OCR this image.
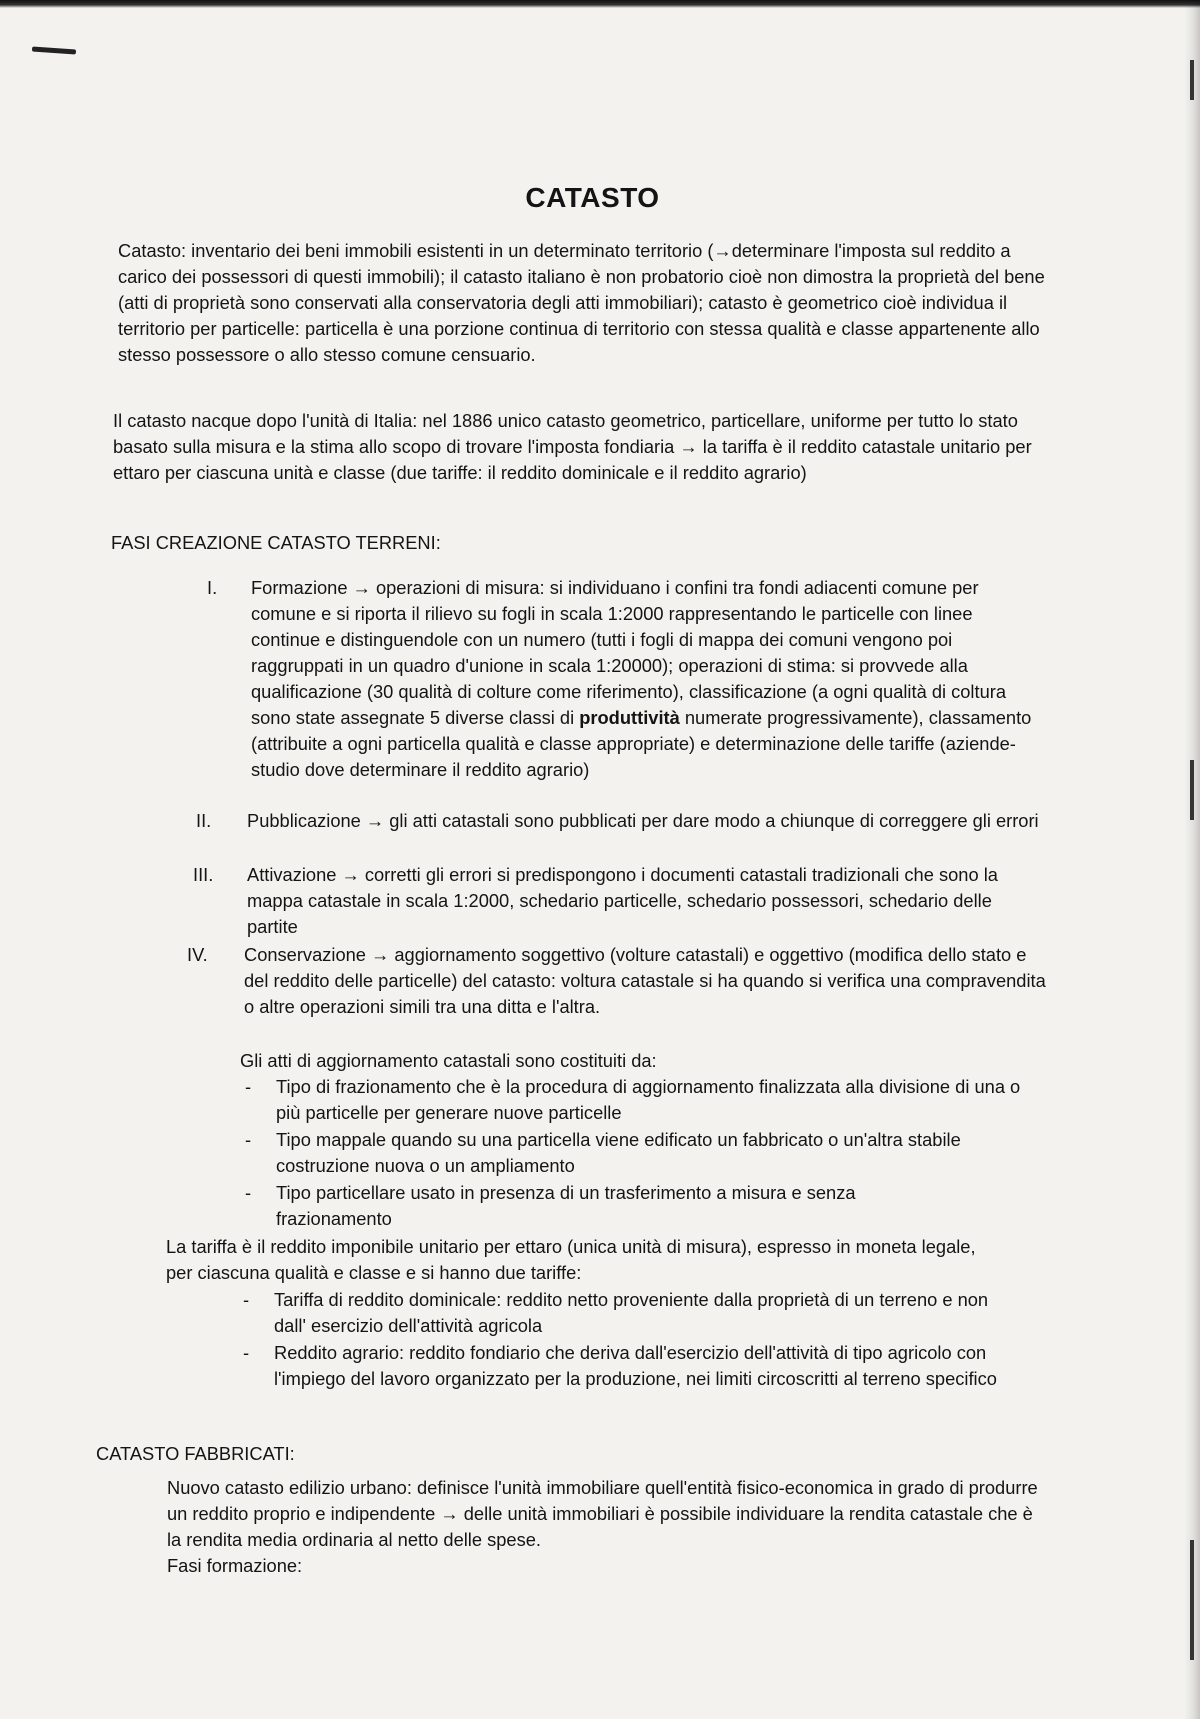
CATASTO

Catasto: inventario dei beni immobili esistenti in un determinato territorio (→determinare l'imposta sul reddito a carico dei possessori di questi immobili); il catasto italiano è non probatorio cioè non dimostra la proprietà del bene (atti di proprietà sono conservati alla conservatoria degli atti immobiliari); catasto è geometrico cioè individua il territorio per particelle: particella è una porzione continua di territorio con stessa qualità e classe appartenente allo stesso possessore o allo stesso comune censuario.

Il catasto nacque dopo l'unità di Italia: nel 1886 unico catasto geometrico, particellare, uniforme per tutto lo stato basato sulla misura e la stima allo scopo di trovare l'imposta fondiaria → la tariffa è il reddito catastale unitario per ettaro per ciascuna unità e classe (due tariffe: il reddito dominicale e il reddito agrario)

FASI CREAZIONE CATASTO TERRENI:

I. Formazione → operazioni di misura: si individuano i confini tra fondi adiacenti comune per comune e si riporta il rilievo su fogli in scala 1:2000 rappresentando le particelle con linee continue e distinguendole con un numero (tutti i fogli di mappa dei comuni vengono poi raggruppati in un quadro d'unione in scala 1:20000); operazioni di stima: si provvede alla qualificazione (30 qualità di colture come riferimento), classificazione (a ogni qualità di coltura sono state assegnate 5 diverse classi di produttività numerate progressivamente), classamento (attribuite a ogni particella qualità e classe appropriate) e determinazione delle tariffe (aziende-studio dove determinare il reddito agrario)

II. Pubblicazione → gli atti catastali sono pubblicati per dare modo a chiunque di correggere gli errori

III. Attivazione → corretti gli errori si predispongono i documenti catastali tradizionali che sono la mappa catastale in scala 1:2000, schedario particelle, schedario possessori, schedario delle partite

IV. Conservazione → aggiornamento soggettivo (volture catastali) e oggettivo (modifica dello stato e del reddito delle particelle) del catasto: voltura catastale si ha quando si verifica una compravendita o altre operazioni simili tra una ditta e l'altra.

Gli atti di aggiornamento catastali sono costituiti da:

- Tipo di frazionamento che è la procedura di aggiornamento finalizzata alla divisione di una o più particelle per generare nuove particelle

- Tipo mappale quando su una particella viene edificato un fabbricato o un'altra stabile costruzione nuova o un ampliamento

- Tipo particellare usato in presenza di un trasferimento a misura e senza frazionamento

La tariffa è il reddito imponibile unitario per ettaro (unica unità di misura), espresso in moneta legale, per ciascuna qualità e classe e si hanno due tariffe:

- Tariffa di reddito dominicale: reddito netto proveniente dalla proprietà di un terreno e non dall' esercizio dell'attività agricola

- Reddito agrario: reddito fondiario che deriva dall'esercizio dell'attività di tipo agricolo con l'impiego del lavoro organizzato per la produzione, nei limiti circoscritti al terreno specifico

CATASTO FABBRICATI:

Nuovo catasto edilizio urbano: definisce l'unità immobiliare quell'entità fisico-economica in grado di produrre un reddito proprio e indipendente → delle unità immobiliari è possibile individuare la rendita catastale che è la rendita media ordinaria al netto delle spese.

Fasi formazione:
